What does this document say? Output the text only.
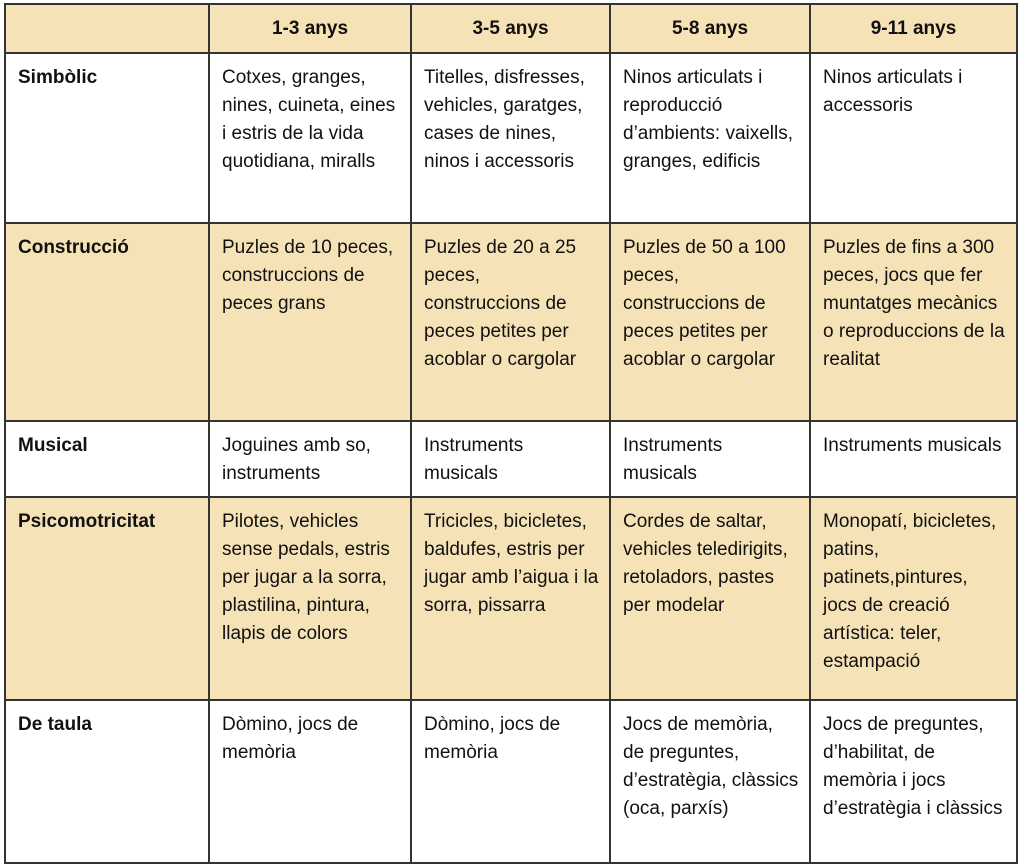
	1-3 anys	3-5 anys	5-8 anys	9-11 anys
Simbòlic	Cotxes, granges, nines, cuineta, eines i estris de la vida quotidiana, miralls	Titelles, disfresses, vehicles, garatges, cases de nines, ninos i accessoris	Ninos articulats i reproducció d’ambients: vaixells, granges, edificis	Ninos articulats i accessoris
Construcció	Puzles de 10 peces, construccions de peces grans	Puzles de 20 a 25 peces, construccions de peces petites per acoblar o cargolar	Puzles de 50 a 100 peces, construccions de peces petites per acoblar o cargolar	Puzles de fins a 300 peces, jocs que fer muntatges mecànics  o reproduccions de la realitat
Musical	Joguines amb so, instruments	Instruments musicals	Instruments musicals	Instruments musicals
Psicomotricitat	Pilotes, vehicles sense pedals, estris per jugar a la sorra, plastilina, pintura, llapis de colors	Tricicles, bicicletes, baldufes, estris per jugar amb l’aigua i la sorra, pissarra	Cordes de saltar, vehicles teledirigits, retoladors, pastes per modelar	Monopatí, bicicletes, patins, patinets,pintures, jocs de creació artística: teler, estampació
De taula	Dòmino, jocs de memòria	Dòmino, jocs de memòria	Jocs de memòria, de preguntes, d’estratègia, clàssics (oca, parxís)	Jocs de preguntes, d’habilitat, de memòria i jocs d’estratègia i clàssics
